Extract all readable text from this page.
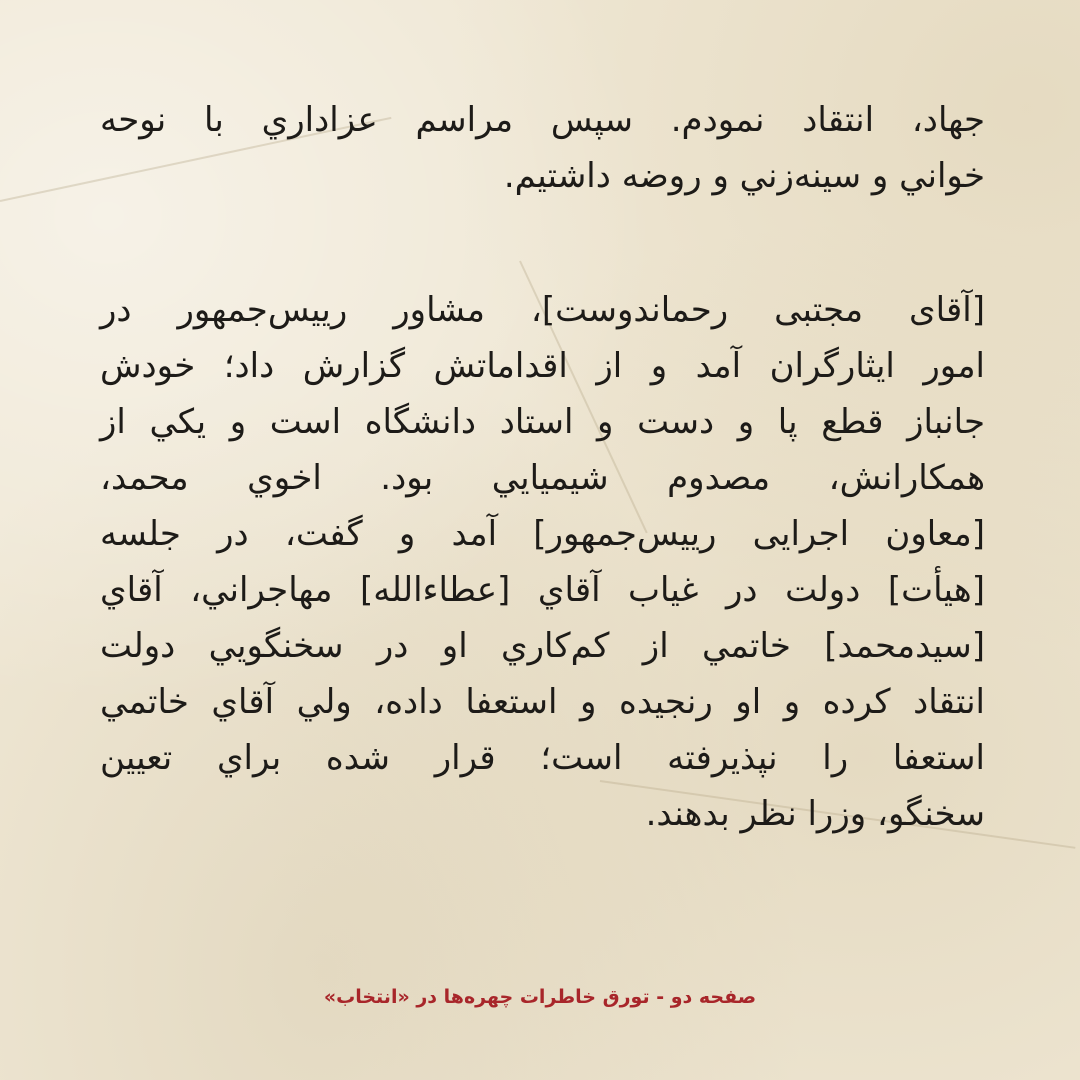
جهاد، انتقاد نمودم. سپس مراسم عزاداري با نوحه
خواني و سينه‌زني و روضه داشتيم.
[آقای مجتبی رحماندوست]، مشاور رییس‌جمهور در
امور ایثارگران آمد و از اقداماتش گزارش داد؛ خودش
جانباز قطع پا و دست و استاد دانشگاه است و يكي از
همكارانش، مصدوم شيميايي بود. اخوي محمد،
[معاون اجرایی رییس‌جمهور] آمد و گفت، در جلسه
[هیأت] دولت در غياب آقاي [عطاءالله] مهاجراني، آقاي
[سیدمحمد] خاتمي از كم‌كاري او در سخنگويي دولت
انتقاد كرده و او رنجيده و استعفا داده، ولي آقاي خاتمي
استعفا را نپذيرفته است؛ قرار شده براي تعيين
سخنگو، وزرا نظر بدهند.
صفحه دو - تورق خاطرات چهره‌ها در «انتخاب»
